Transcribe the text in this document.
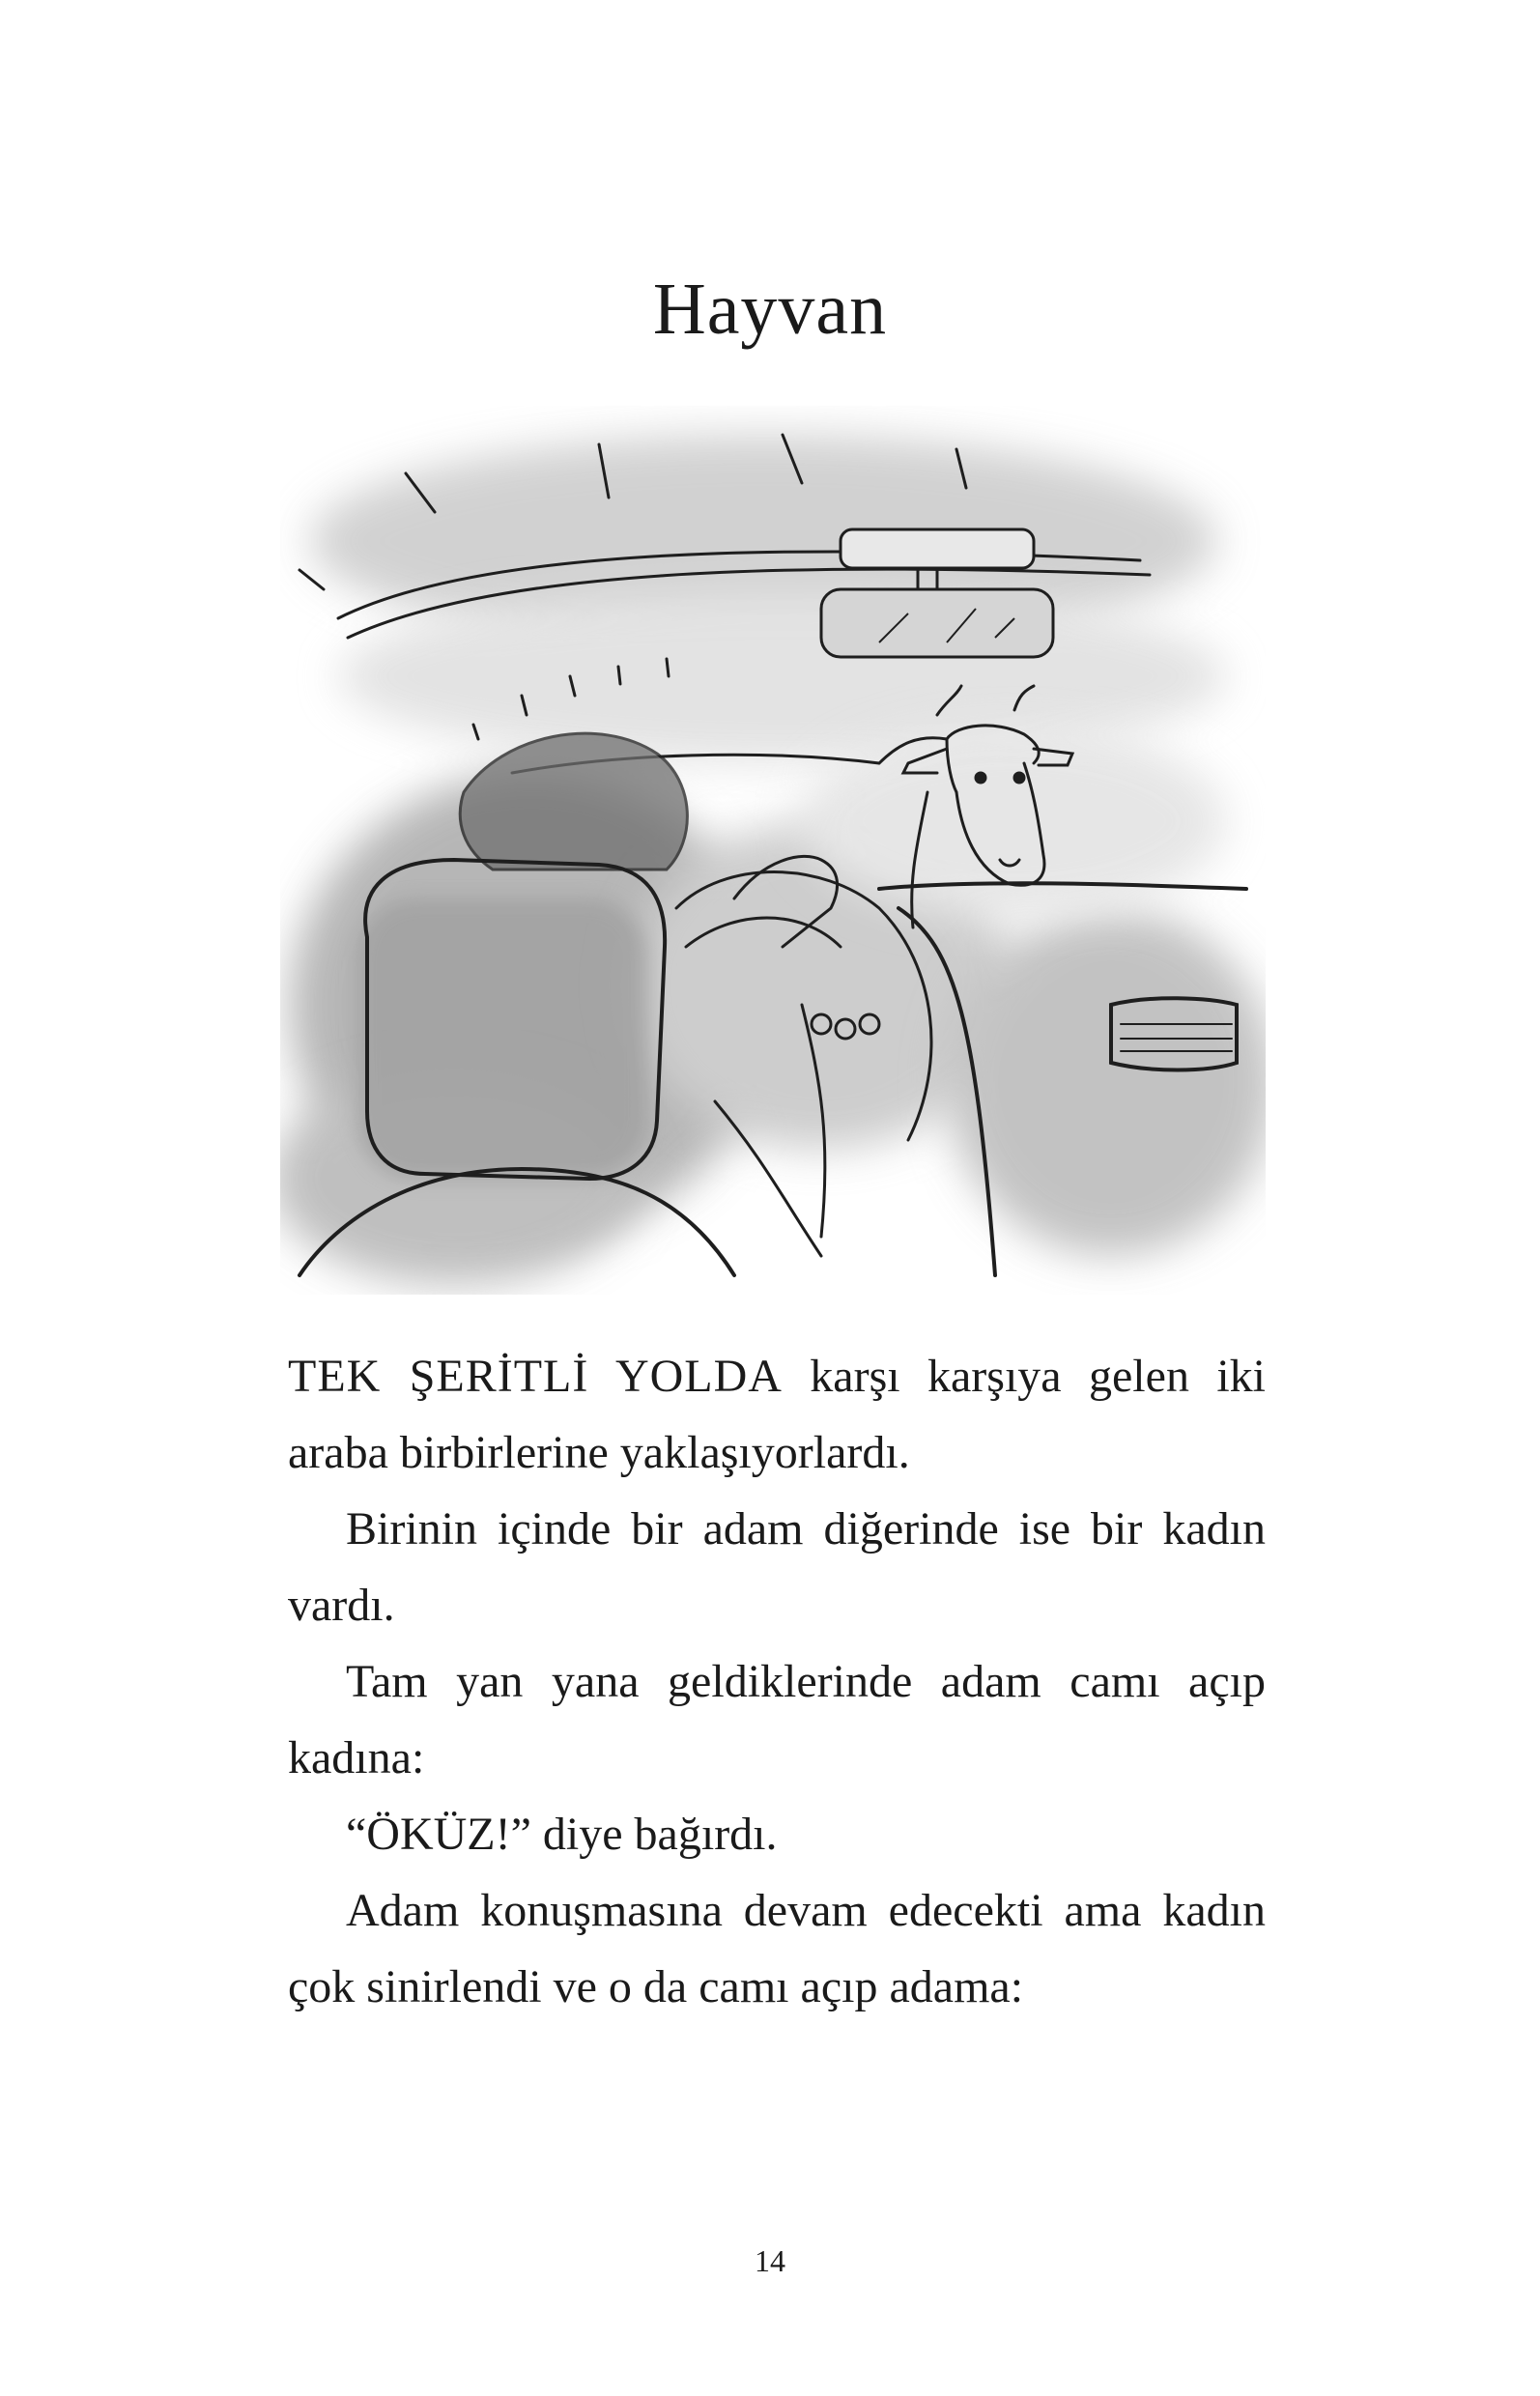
Hayvan

TEK ŞERİTLİ YOLDA karşı karşıya gelen iki araba birbirlerine yaklaşıyorlardı.

Birinin içinde bir adam diğerinde ise bir kadın vardı.

Tam yan yana geldiklerinde adam camı açıp kadına:

“ÖKÜZ!” diye bağırdı.

Adam konuşmasına devam edecekti ama kadın çok sinirlendi ve o da camı açıp adama:

14
